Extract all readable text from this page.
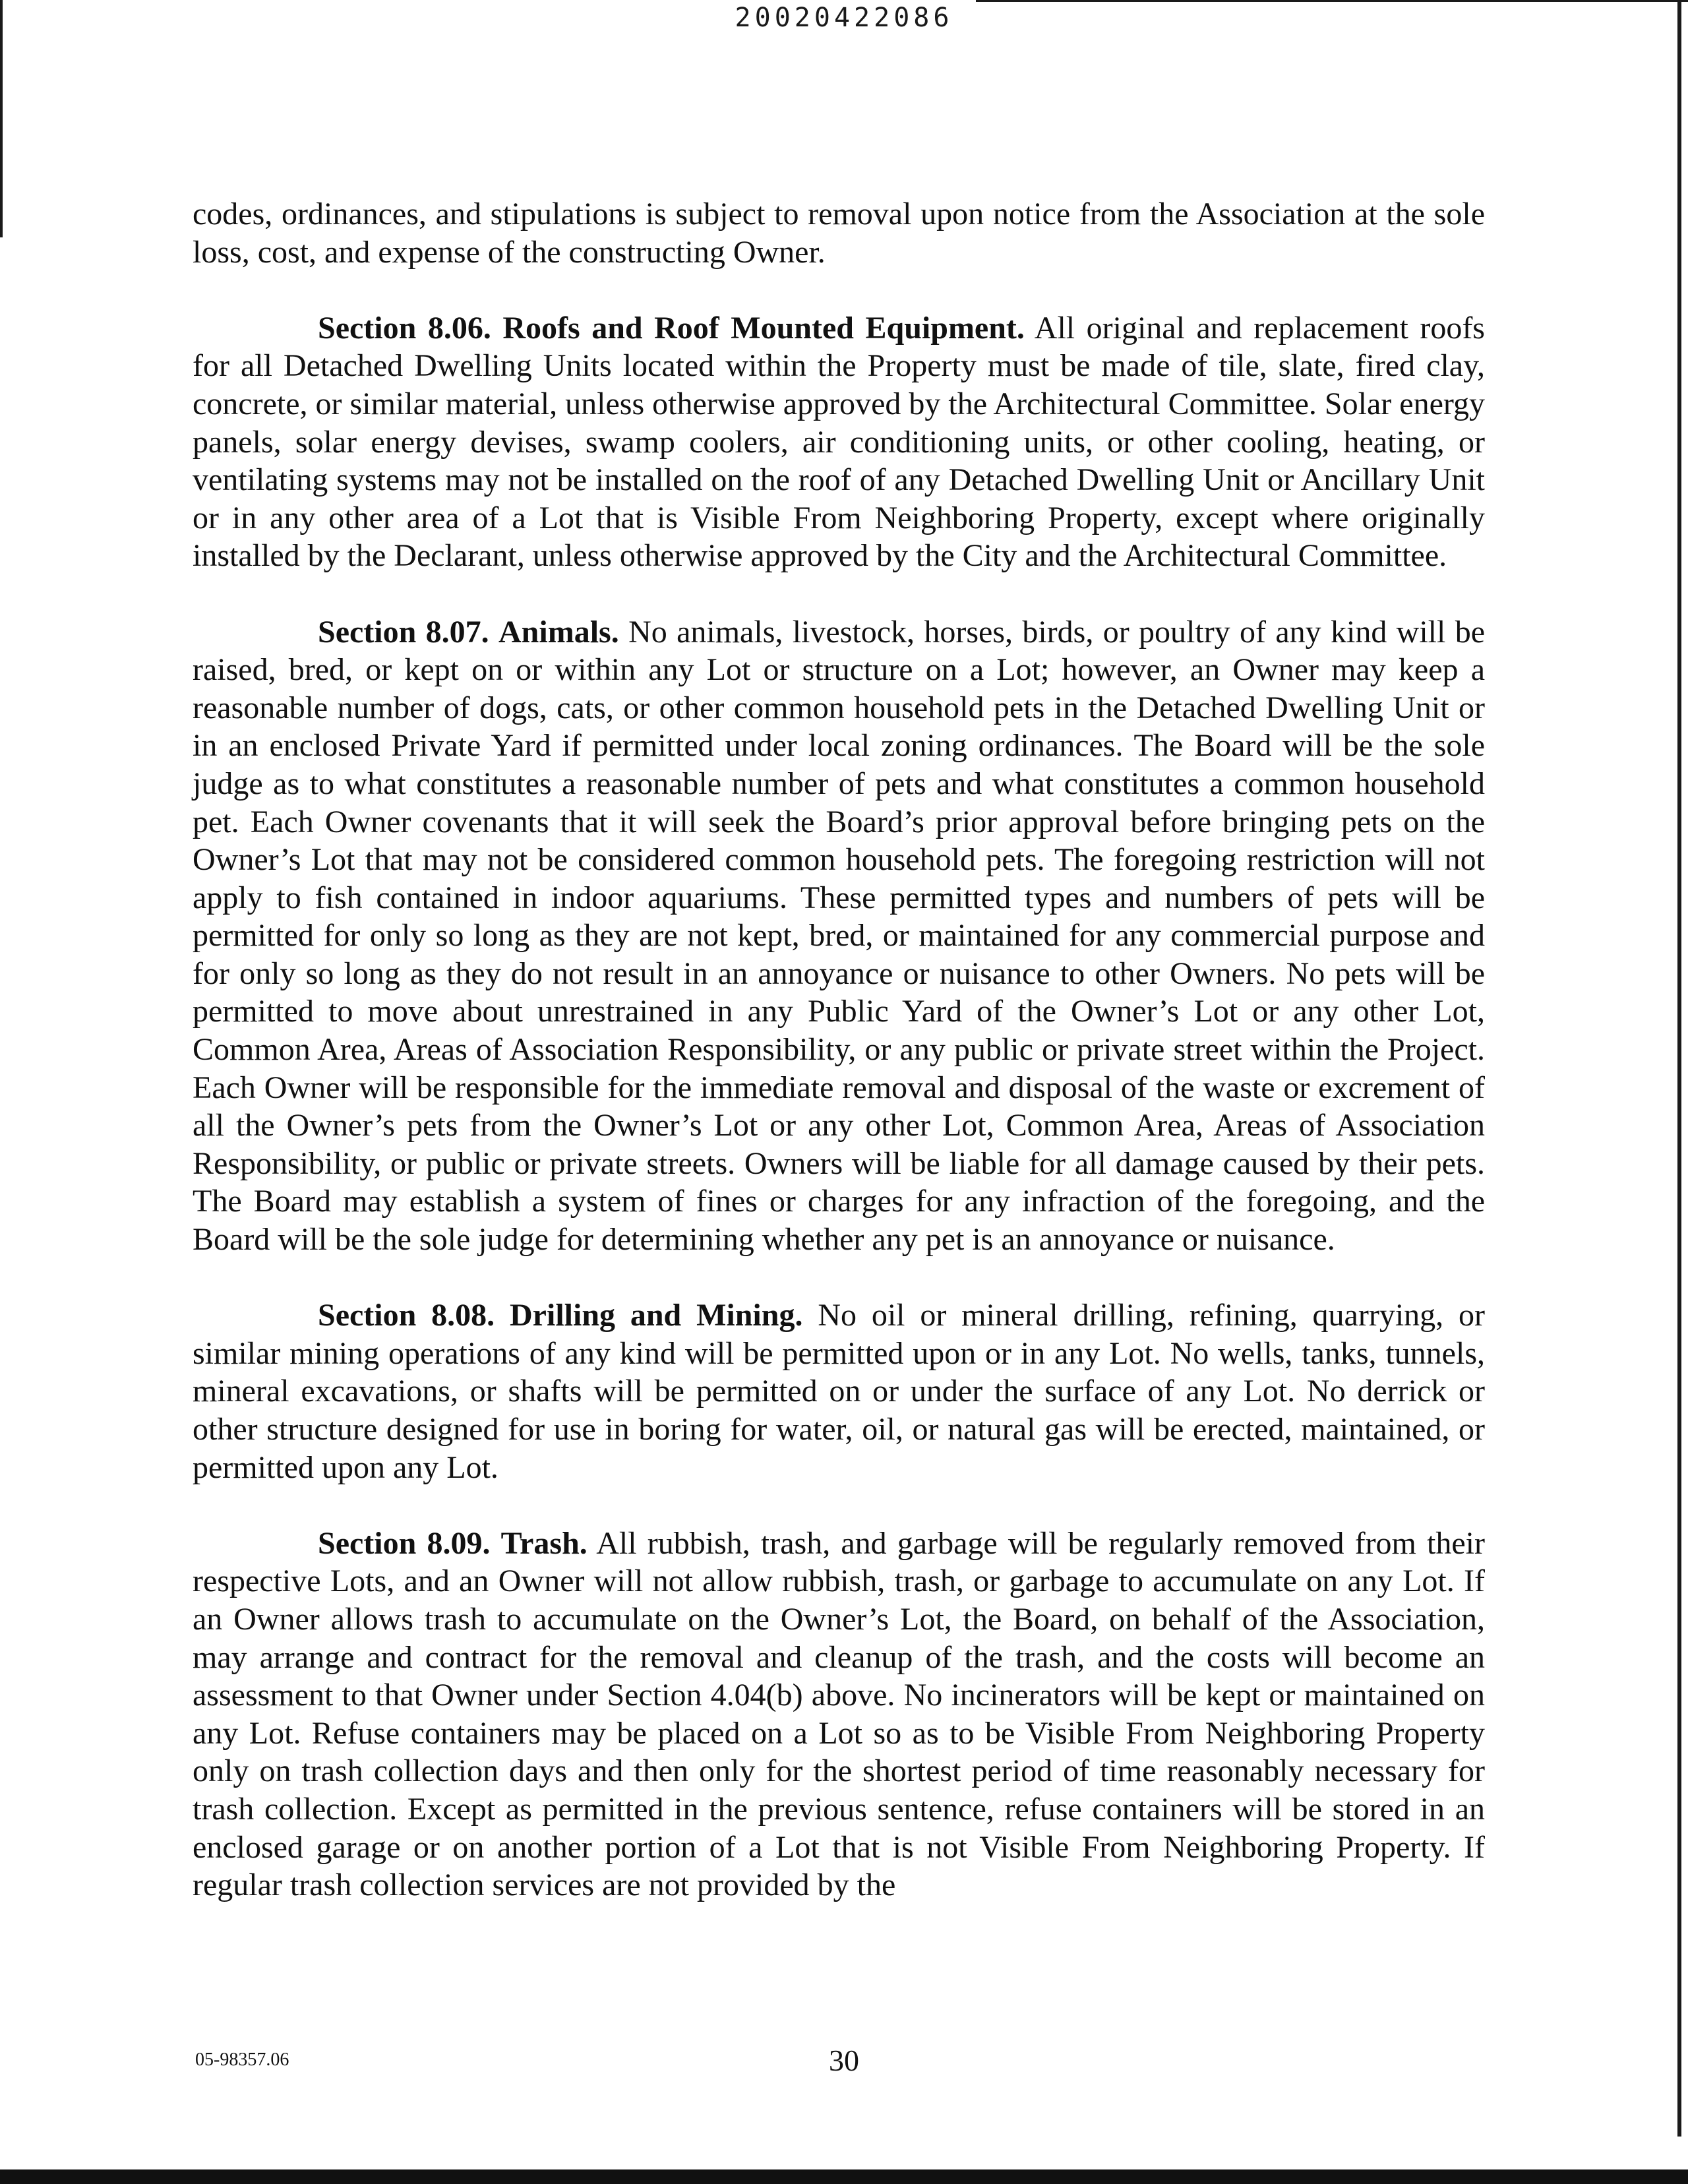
20020422086

codes, ordinances, and stipulations is subject to removal upon notice from the Association at the sole loss, cost, and expense of the constructing Owner.

Section 8.06. Roofs and Roof Mounted Equipment. All original and replacement roofs for all Detached Dwelling Units located within the Property must be made of tile, slate, fired clay, concrete, or similar material, unless otherwise approved by the Architectural Committee. Solar energy panels, solar energy devises, swamp coolers, air conditioning units, or other cooling, heating, or ventilating systems may not be installed on the roof of any Detached Dwelling Unit or Ancillary Unit or in any other area of a Lot that is Visible From Neighboring Property, except where originally installed by the Declarant, unless otherwise approved by the City and the Architectural Committee.

Section 8.07. Animals. No animals, livestock, horses, birds, or poultry of any kind will be raised, bred, or kept on or within any Lot or structure on a Lot; however, an Owner may keep a reasonable number of dogs, cats, or other common household pets in the Detached Dwelling Unit or in an enclosed Private Yard if permitted under local zoning ordinances. The Board will be the sole judge as to what constitutes a reasonable number of pets and what constitutes a common household pet. Each Owner covenants that it will seek the Board’s prior approval before bringing pets on the Owner’s Lot that may not be considered common household pets. The foregoing restriction will not apply to fish contained in indoor aquariums. These permitted types and numbers of pets will be permitted for only so long as they are not kept, bred, or maintained for any commercial purpose and for only so long as they do not result in an annoyance or nuisance to other Owners. No pets will be permitted to move about unrestrained in any Public Yard of the Owner’s Lot or any other Lot, Common Area, Areas of Association Responsibility, or any public or private street within the Project. Each Owner will be responsible for the immediate removal and disposal of the waste or excrement of all the Owner’s pets from the Owner’s Lot or any other Lot, Common Area, Areas of Association Responsibility, or public or private streets. Owners will be liable for all damage caused by their pets. The Board may establish a system of fines or charges for any infraction of the foregoing, and the Board will be the sole judge for determining whether any pet is an annoyance or nuisance.

Section 8.08. Drilling and Mining. No oil or mineral drilling, refining, quarrying, or similar mining operations of any kind will be permitted upon or in any Lot. No wells, tanks, tunnels, mineral excavations, or shafts will be permitted on or under the surface of any Lot. No derrick or other structure designed for use in boring for water, oil, or natural gas will be erected, maintained, or permitted upon any Lot.

Section 8.09. Trash. All rubbish, trash, and garbage will be regularly removed from their respective Lots, and an Owner will not allow rubbish, trash, or garbage to accumulate on any Lot. If an Owner allows trash to accumulate on the Owner’s Lot, the Board, on behalf of the Association, may arrange and contract for the removal and cleanup of the trash, and the costs will become an assessment to that Owner under Section 4.04(b) above. No incinerators will be kept or maintained on any Lot. Refuse containers may be placed on a Lot so as to be Visible From Neighboring Property only on trash collection days and then only for the shortest period of time reasonably necessary for trash collection. Except as permitted in the previous sentence, refuse containers will be stored in an enclosed garage or on another portion of a Lot that is not Visible From Neighboring Property. If regular trash collection services are not provided by the

05-98357.06	30
